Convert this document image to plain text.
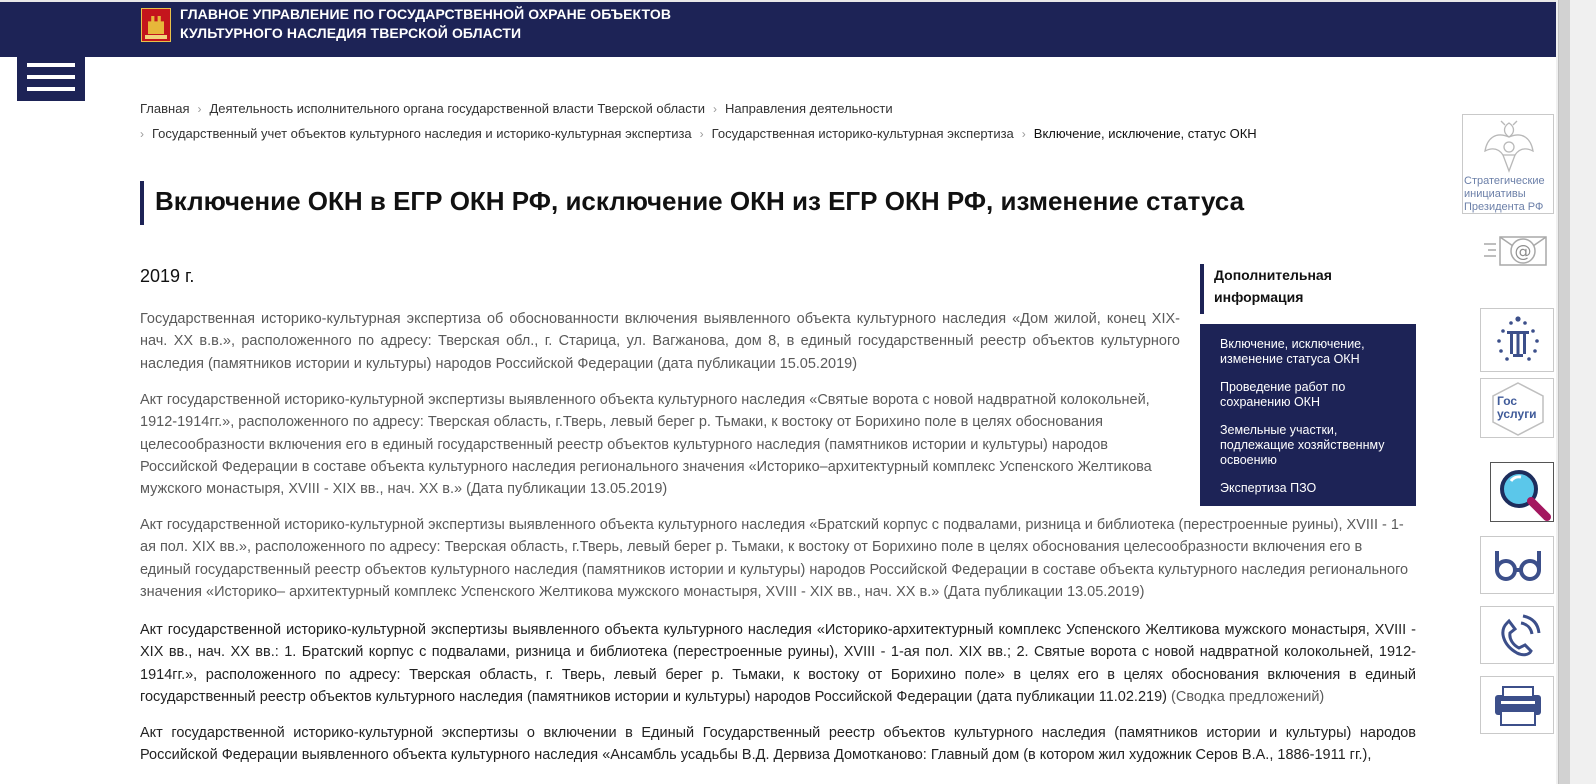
ГЛАВНОЕ УПРАВЛЕНИЕ ПО ГОСУДАРСТВЕННОЙ ОХРАНЕ ОБЪЕКТОВ
КУЛЬТУРНОГО НАСЛЕДИЯ ТВЕРСКОЙ ОБЛАСТИ
Главная › Деятельность исполнительного органа государственной власти Тверской области › Направления деятельности
› Государственный учет объектов культурного наследия и историко-культурная экспертиза › Государственная историко-культурная экспертиза › Включение, исключение, статус ОКН
Включение ОКН в ЕГР ОКН РФ, исключение ОКН из ЕГР ОКН РФ, изменение статуса
2019 г.
Государственная историко-культурная экспертиза об обоснованности включения выявленного объекта культурного наследия «Дом жилой, конец XIX-нач. XX в.в.», расположенного по адресу: Тверская обл., г. Старица, ул. Вагжанова, дом 8, в единый государственный реестр объектов культурного наследия (памятников истории и культуры) народов Российской Федерации (дата публикации 15.05.2019)
Акт государственной историко-культурной экспертизы выявленного объекта культурного наследия «Святые ворота с новой надвратной колокольней, 1912-1914гг.», расположенного по адресу: Тверская область, г.Тверь, левый берег р. Тьмаки, к востоку от Борихино поле в целях обоснования целесообразности включения его в единый государственный реестр объектов культурного наследия (памятников истории и культуры) народов Российской Федерации в составе объекта культурного наследия регионального значения «Историко–архитектурный комплекс Успенского Желтикова мужского монастыря, XVIII - XIX вв., нач. XX в.» (Дата публикации 13.05.2019)
Акт государственной историко-культурной экспертизы выявленного объекта культурного наследия «Братский корпус с подвалами, ризница и библиотека (перестроенные руины), XVIII - 1-ая пол. XIX вв.», расположенного по адресу: Тверская область, г.Тверь, левый берег р. Тьмаки, к востоку от Борихино поле в целях обоснования целесообразности включения его в единый государственный реестр объектов культурного наследия (памятников истории и культуры) народов Российской Федерации в составе объекта культурного наследия регионального значения «Историко– архитектурный комплекс Успенского Желтикова мужского монастыря, XVIII - XIX вв., нач. XX в.» (Дата публикации 13.05.2019)
Акт государственной историко-культурной экспертизы выявленного объекта культурного наследия «Историко-архитектурный комплекс Успенского Желтикова мужского монастыря, XVIII - XIX вв., нач. XX вв.: 1. Братский корпус с подвалами, ризница и библиотека (перестроенные руины), XVIII - 1-ая пол. XIX вв.; 2. Святые ворота с новой надвратной колокольней, 1912-1914гг.», расположенного по адресу: Тверская область, г. Тверь, левый берег р. Тьмаки, к востоку от Борихино поле» в целях его в целях обоснования включения в единый государственный реестр объектов культурного наследия (памятников истории и культуры) народов Российской Федерации (дата публикации 11.02.219) (Сводка предложений)
Акт государственной историко-культурной экспертизы о включении в Единый Государственный реестр объектов культурного наследия (памятников истории и культуры) народов Российской Федерации выявленного объекта культурного наследия «Ансамбль усадьбы В.Д. Дервиза Домотканово: Главный дом (в котором жил художник Серов В.А., 1886-1911 гг.),
Дополнительная информация
Включение, исключение, изменение статуса ОКН
Проведение работ по сохранению ОКН
Земельные участки, подлежащие хозяйственнму освоению
Экспертиза ПЗО
Стратегические инициативы Президента РФ
@
Гос услуги
